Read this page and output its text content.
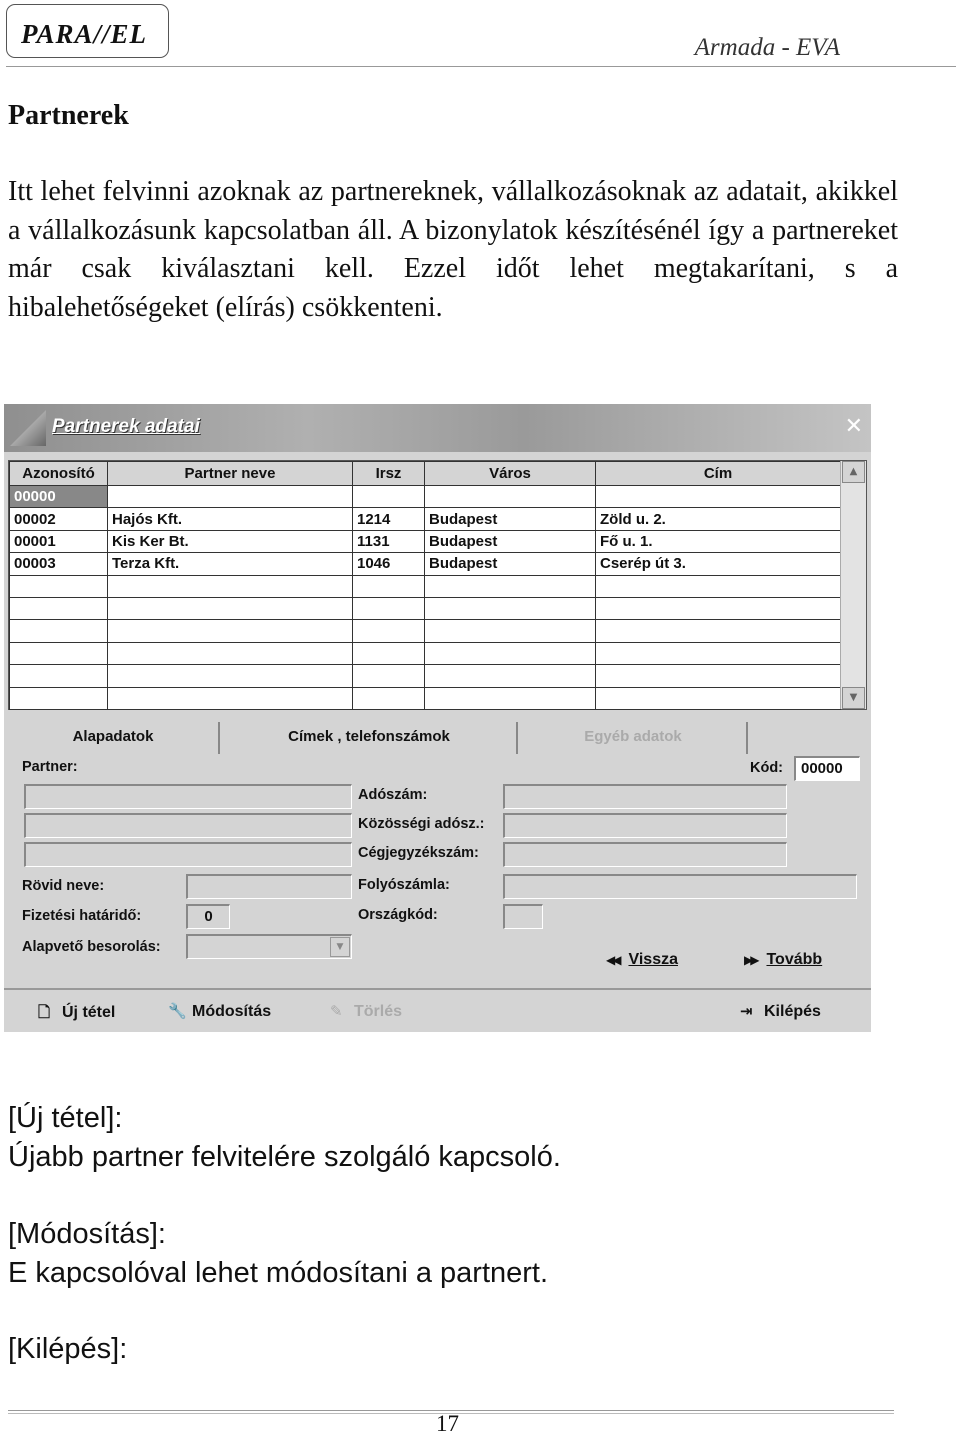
PARA//EL	Armada - EVA
Partnerek
Itt lehet felvinni azoknak az partnereknek, vállalkozásoknak az adatait, akikkel a vállalkozásunk kapcsolatban áll. A bizonylatok készítésénél így a partnereket már csak kiválasztani kell. Ezzel időt lehet megtakarítani, s a hibalehetőségeket (elírás) csökkenteni.
Partnerek adatai	✕
Azonosító	Partner neve	Irsz	Város	Cím
00000				
00002	Hajós Kft.	1214	Budapest	Zöld u. 2.
00001	Kis Ker Bt.	1131	Budapest	Fő u. 1.
00003	Terza Kft.	1046	Budapest	Cserép út 3.

▲
▼
Alapadatok	Címek , telefonszámok	Egyéb adatok
Partner:	Kód:	00000
Adószám:
Közösségi adósz.:
Cégjegyzékszám:
Rövid neve:	Folyószámla:
Fizetési határidő:	0	Országkód:
Alapvető besorolás:	▼
◀◀ Vissza	▶▶ Tovább
🗋 Új tétel	🔧 Módosítás	✎ Törlés	⇥ Kilépés
[Új tétel]:
Újabb partner felvitelére szolgáló kapcsoló.
[Módosítás]:
E kapcsolóval lehet módosítani a partnert.
[Kilépés]:
17
